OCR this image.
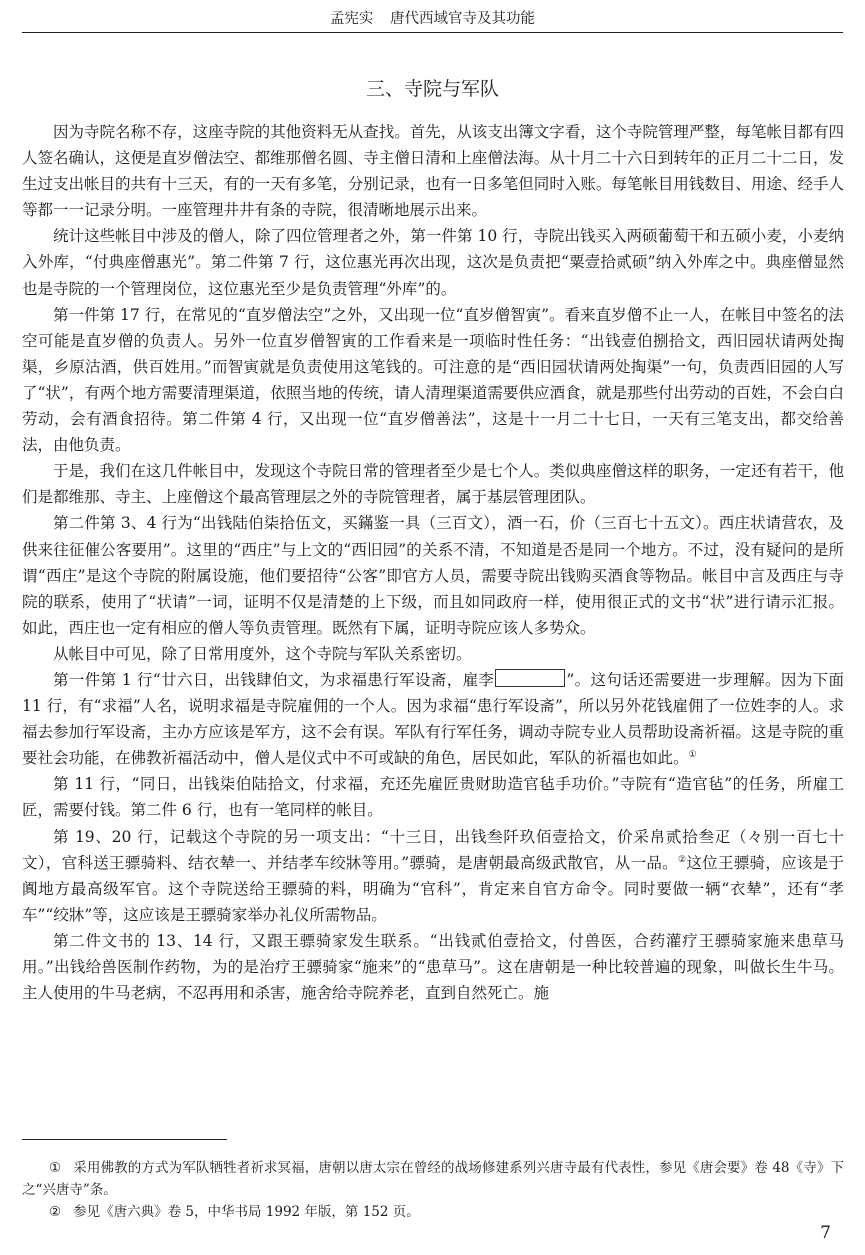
孟宪实 唐代西域官寺及其功能
三、寺院与军队

因为寺院名称不存，这座寺院的其他资料无从查找。首先，从该支出簿文字看，这个寺院管理严整，每笔帐目都有四人签名确认，这便是直岁僧法空、都维那僧名圆、寺主僧日清和上座僧法海。从十月二十六日到转年的正月二十二日，发生过支出帐目的共有十三天，有的一天有多笔，分别记录，也有一日多笔但同时入账。每笔帐目用钱数目、用途、经手人等都一一记录分明。一座管理井井有条的寺院，很清晰地展示出来。

统计这些帐目中涉及的僧人，除了四位管理者之外，第一件第 10 行，寺院出钱买入两硕葡萄干和五硕小麦，小麦纳入外库，“付典座僧惠光”。第二件第 7 行，这位惠光再次出现，这次是负责把“粟壹拾贰硕”纳入外库之中。典座僧显然也是寺院的一个管理岗位，这位惠光至少是负责管理“外库”的。

第一件第 17 行，在常见的“直岁僧法空”之外，又出现一位“直岁僧智寅”。看来直岁僧不止一人，在帐目中签名的法空可能是直岁僧的负责人。另外一位直岁僧智寅的工作看来是一项临时性任务：“出钱壹伯捌拾文，西旧园状请两处掏渠，乡原沽酒，供百姓用。”而智寅就是负责使用这笔钱的。可注意的是“西旧园状请两处掏渠”一句，负责西旧园的人写了“状”，有两个地方需要清理渠道，依照当地的传统，请人清理渠道需要供应酒食，就是那些付出劳动的百姓，不会白白劳动，会有酒食招待。第二件第 4 行，又出现一位“直岁僧善法”，这是十一月二十七日，一天有三笔支出，都交给善法，由他负责。

于是，我们在这几件帐目中，发现这个寺院日常的管理者至少是七个人。类似典座僧这样的职务，一定还有若干，他们是都维那、寺主、上座僧这个最高管理层之外的寺院管理者，属于基层管理团队。

第二件第 3、4 行为“出钱陆伯柒拾伍文，买鏋鉴一具（三百文），酒一石，价（三百七十五文）。西庄状请营农，及供来往征催公客要用”。这里的“西庄”与上文的“西旧园”的关系不清，不知道是否是同一个地方。不过，没有疑问的是所谓“西庄”是这个寺院的附属设施，他们要招待“公客”即官方人员，需要寺院出钱购买酒食等物品。帐目中言及西庄与寺院的联系，使用了“状请”一词，证明不仅是清楚的上下级，而且如同政府一样，使用很正式的文书“状”进行请示汇报。如此，西庄也一定有相应的僧人等负责管理。既然有下属，证明寺院应该人多势众。

从帐目中可见，除了日常用度外，这个寺院与军队关系密切。

第一件第 1 行“廿六日，出钱肆伯文，为求福患行军设斋，雇李	”。这句话还需要进一步理解。因为下面 11 行，有“求福”人名，说明求福是寺院雇佣的一个人。因为求福“患行军设斋”，所以另外花钱雇佣了一位姓李的人。求福去参加行军设斋，主办方应该是军方，这不会有误。军队有行军任务，调动寺院专业人员帮助设斋祈福。这是寺院的重要社会功能，在佛教祈福活动中，僧人是仪式中不可或缺的角色，居民如此，军队的祈福也如此。①

第 11 行，“同日，出钱柒伯陆拾文，付求福，充还先雇匠贵财助造官毡手功价。”寺院有“造官毡”的任务，所雇工匠，需要付钱。第二件 6 行，也有一笔同样的帐目。

第 19、20 行，记载这个寺院的另一项支出：“十三日，出钱叁阡玖佰壹拾文，价采帛贰拾叁疋（々别一百七十文），官科送王骠骑料、结衣辇一、并结孝车绞牀等用。”骠骑，是唐朝最高级武散官，从一品。②这位王骠骑，应该是于阗地方最高级军官。这个寺院送给王骠骑的料，明确为“官科”，肯定来自官方命令。同时要做一辆“衣辇”，还有“孝车”“绞牀”等，这应该是王骠骑家举办礼仪所需物品。

第二件文书的 13、14 行，又跟王骠骑家发生联系。“出钱贰伯壹拾文，付兽医，合药灌疗王骠骑家施来患草马用。”出钱给兽医制作药物，为的是治疗王骠骑家“施来”的“患草马”。这在唐朝是一种比较普遍的现象，叫做长生牛马。主人使用的牛马老病，不忍再用和杀害，施舍给寺院养老，直到自然死亡。施

① 采用佛教的方式为军队牺牲者祈求冥福，唐朝以唐太宗在曾经的战场修建系列兴唐寺最有代表性，参见《唐会要》卷 48《寺》下之“兴唐寺”条。

② 参见《唐六典》卷 5，中华书局 1992 年版，第 152 页。

7
